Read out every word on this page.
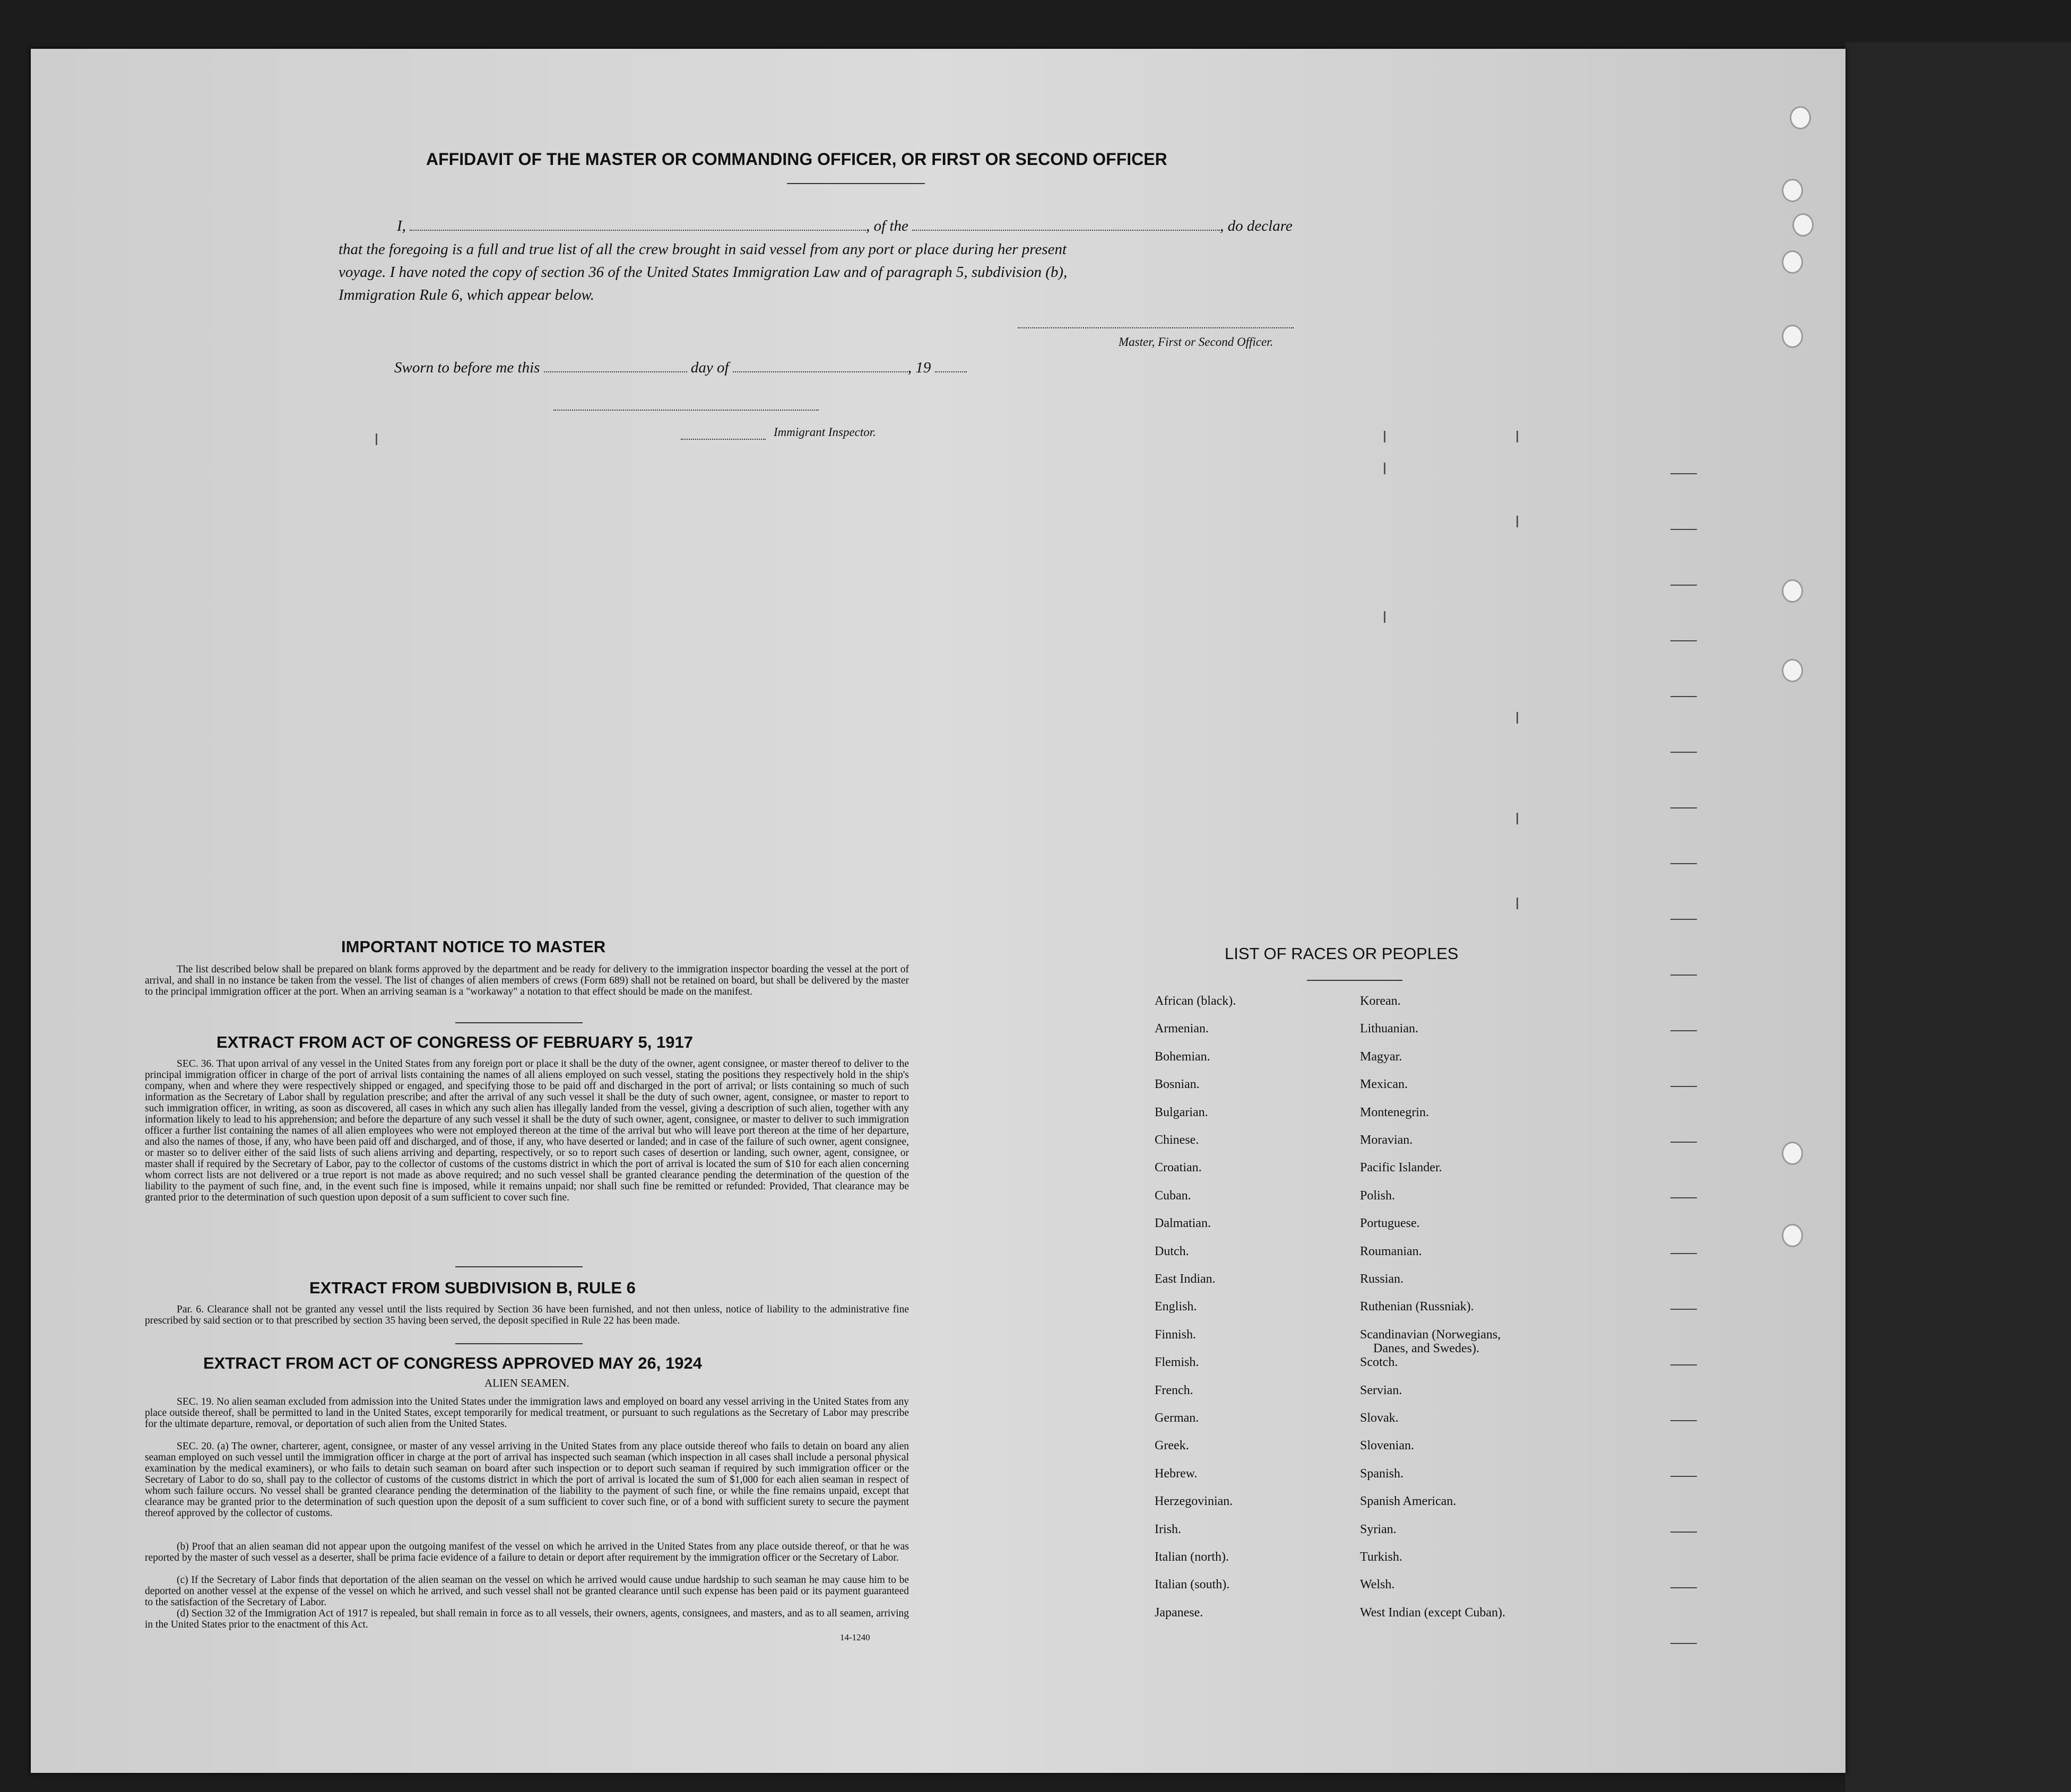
AFFIDAVIT OF THE MASTER OR COMMANDING OFFICER, OR FIRST OR SECOND OFFICER
I,	, of the	, do declare
that the foregoing is a full and true list of all the crew brought in said vessel from any port or place during her present
voyage. I have noted the copy of section 36 of the United States Immigration Law and of paragraph 5, subdivision (b),
Immigration Rule 6, which appear below.
Master, First or Second Officer.
Sworn to before me this	day of	, 19
Immigrant Inspector.
IMPORTANT NOTICE TO MASTER
The list described below shall be prepared on blank forms approved by the department and be ready for delivery to the immigration inspector boarding the vessel at the port of arrival, and shall in no instance be taken from the vessel. The list of changes of alien members of crews (Form 689) shall not be retained on board, but shall be delivered by the master to the principal immigration officer at the port. When an arriving seaman is a "workaway" a notation to that effect should be made on the manifest.
EXTRACT FROM ACT OF CONGRESS OF FEBRUARY 5, 1917
SEC. 36. That upon arrival of any vessel in the United States from any foreign port or place it shall be the duty of the owner, agent consignee, or master thereof to deliver to the principal immigration officer in charge of the port of arrival lists containing the names of all aliens employed on such vessel, stating the positions they respectively hold in the ship's company, when and where they were respectively shipped or engaged, and specifying those to be paid off and discharged in the port of arrival; or lists containing so much of such information as the Secretary of Labor shall by regulation prescribe; and after the arrival of any such vessel it shall be the duty of such owner, agent, consignee, or master to report to such immigration officer, in writing, as soon as discovered, all cases in which any such alien has illegally landed from the vessel, giving a description of such alien, together with any information likely to lead to his apprehension; and before the departure of any such vessel it shall be the duty of such owner, agent, consignee, or master to deliver to such immigration officer a further list containing the names of all alien employees who were not employed thereon at the time of the arrival but who will leave port thereon at the time of her departure, and also the names of those, if any, who have been paid off and discharged, and of those, if any, who have deserted or landed; and in case of the failure of such owner, agent consignee, or master so to deliver either of the said lists of such aliens arriving and departing, respectively, or so to report such cases of desertion or landing, such owner, agent, consignee, or master shall if required by the Secretary of Labor, pay to the collector of customs of the customs district in which the port of arrival is located the sum of $10 for each alien concerning whom correct lists are not delivered or a true report is not made as above required; and no such vessel shall be granted clearance pending the determination of the question of the liability to the payment of such fine, and, in the event such fine is imposed, while it remains unpaid; nor shall such fine be remitted or refunded: Provided, That clearance may be granted prior to the determination of such question upon deposit of a sum sufficient to cover such fine.
EXTRACT FROM SUBDIVISION B, RULE 6
Par. 6. Clearance shall not be granted any vessel until the lists required by Section 36 have been furnished, and not then unless, notice of liability to the administrative fine prescribed by said section or to that prescribed by section 35 having been served, the deposit specified in Rule 22 has been made.
EXTRACT FROM ACT OF CONGRESS APPROVED MAY 26, 1924
ALIEN SEAMEN.
SEC. 19. No alien seaman excluded from admission into the United States under the immigration laws and employed on board any vessel arriving in the United States from any place outside thereof, shall be permitted to land in the United States, except temporarily for medical treatment, or pursuant to such regulations as the Secretary of Labor may prescribe for the ultimate departure, removal, or deportation of such alien from the United States.
SEC. 20. (a) The owner, charterer, agent, consignee, or master of any vessel arriving in the United States from any place outside thereof who fails to detain on board any alien seaman employed on such vessel until the immigration officer in charge at the port of arrival has inspected such seaman (which inspection in all cases shall include a personal physical examination by the medical examiners), or who fails to detain such seaman on board after such inspection or to deport such seaman if required by such immigration officer or the Secretary of Labor to do so, shall pay to the collector of customs of the customs district in which the port of arrival is located the sum of $1,000 for each alien seaman in respect of whom such failure occurs. No vessel shall be granted clearance pending the determination of the liability to the payment of such fine, or while the fine remains unpaid, except that clearance may be granted prior to the determination of such question upon the deposit of a sum sufficient to cover such fine, or of a bond with sufficient surety to secure the payment thereof approved by the collector of customs.
(b) Proof that an alien seaman did not appear upon the outgoing manifest of the vessel on which he arrived in the United States from any place outside thereof, or that he was reported by the master of such vessel as a deserter, shall be prima facie evidence of a failure to detain or deport after requirement by the immigration officer or the Secretary of Labor.
(c) If the Secretary of Labor finds that deportation of the alien seaman on the vessel on which he arrived would cause undue hardship to such seaman he may cause him to be deported on another vessel at the expense of the vessel on which he arrived, and such vessel shall not be granted clearance until such expense has been paid or its payment guaranteed to the satisfaction of the Secretary of Labor.
(d) Section 32 of the Immigration Act of 1917 is repealed, but shall remain in force as to all vessels, their owners, agents, consignees, and masters, and as to all seamen, arriving in the United States prior to the enactment of this Act.
14-1240
LIST OF RACES OR PEOPLES
African (black).
Armenian.
Bohemian.
Bosnian.
Bulgarian.
Chinese.
Croatian.
Cuban.
Dalmatian.
Dutch.
East Indian.
English.
Finnish.
Flemish.
French.
German.
Greek.
Hebrew.
Herzegovinian.
Irish.
Italian (north).
Italian (south).
Japanese.
Korean.
Lithuanian.
Magyar.
Mexican.
Montenegrin.
Moravian.
Pacific Islander.
Polish.
Portuguese.
Roumanian.
Russian.
Ruthenian (Russniak).
Scandinavian (Norwegians,
Danes, and Swedes).
Scotch.
Servian.
Slovak.
Slovenian.
Spanish.
Spanish American.
Syrian.
Turkish.
Welsh.
West Indian (except Cuban).
